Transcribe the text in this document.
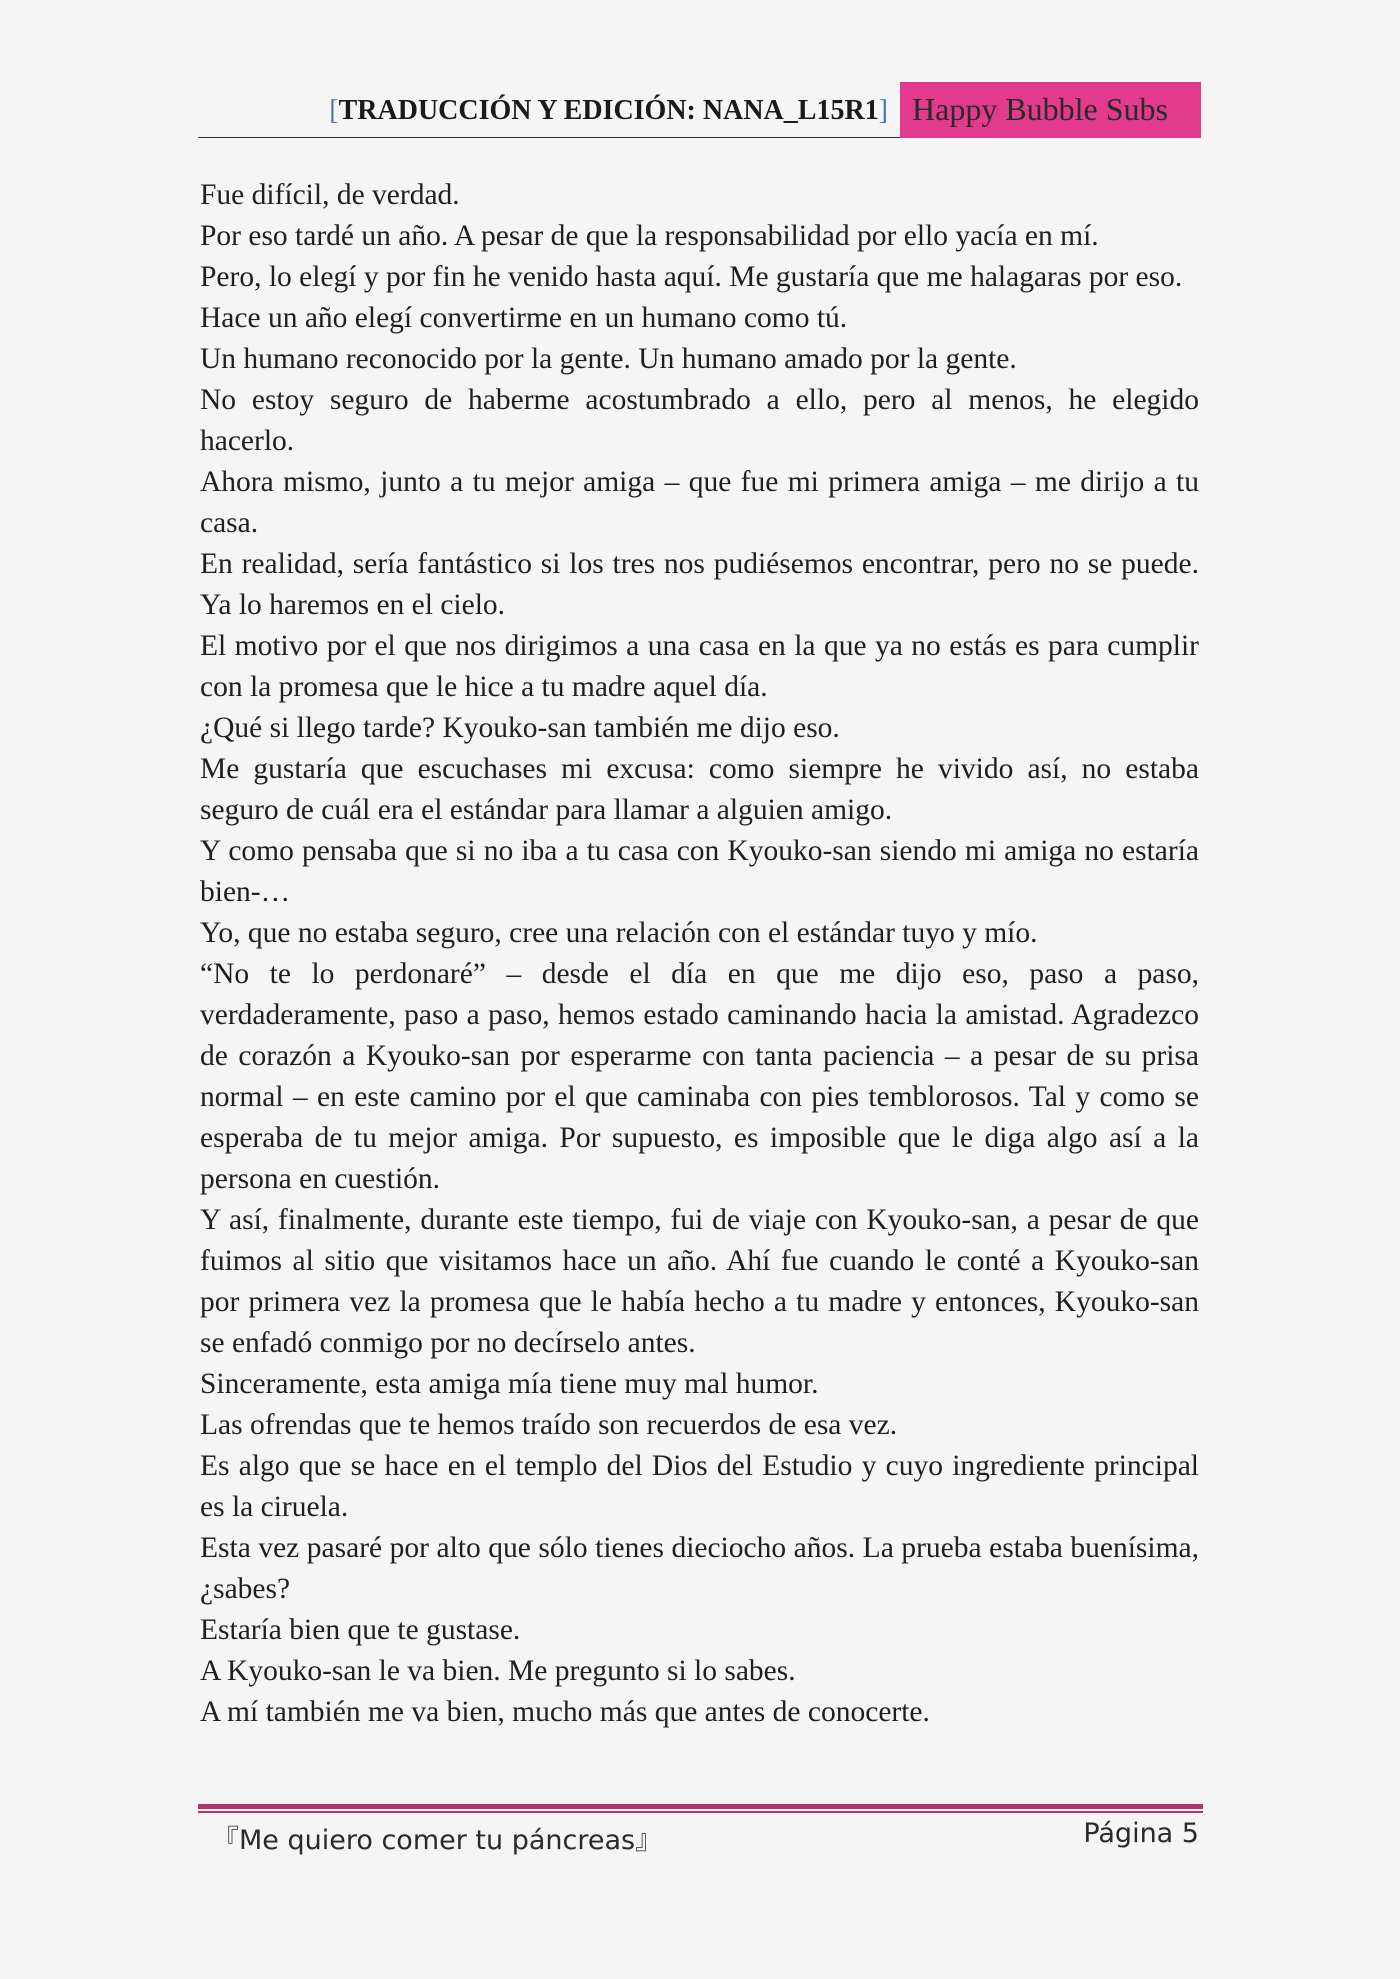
[TRADUCCIÓN Y EDICIÓN: NANA_L15R1] Happy Bubble Subs

Fue difícil, de verdad.

Por eso tardé un año. A pesar de que la responsabilidad por ello yacía en mí.

Pero, lo elegí y por fin he venido hasta aquí. Me gustaría que me halagaras por eso.

Hace un año elegí convertirme en un humano como tú.

Un humano reconocido por la gente. Un humano amado por la gente.

No estoy seguro de haberme acostumbrado a ello, pero al menos, he elegido hacerlo.

Ahora mismo, junto a tu mejor amiga – que fue mi primera amiga – me dirijo a tu casa.

En realidad, sería fantástico si los tres nos pudiésemos encontrar, pero no se puede. Ya lo haremos en el cielo.

El motivo por el que nos dirigimos a una casa en la que ya no estás es para cumplir con la promesa que le hice a tu madre aquel día.

¿Qué si llego tarde? Kyouko-san también me dijo eso.

Me gustaría que escuchases mi excusa: como siempre he vivido así, no estaba seguro de cuál era el estándar para llamar a alguien amigo.

Y como pensaba que si no iba a tu casa con Kyouko-san siendo mi amiga no estaría bien-…

Yo, que no estaba seguro, cree una relación con el estándar tuyo y mío.

“No te lo perdonaré” – desde el día en que me dijo eso, paso a paso, verdaderamente, paso a paso, hemos estado caminando hacia la amistad. Agradezco de corazón a Kyouko-san por esperarme con tanta paciencia – a pesar de su prisa normal – en este camino por el que caminaba con pies temblorosos. Tal y como se esperaba de tu mejor amiga. Por supuesto, es imposible que le diga algo así a la persona en cuestión.

Y así, finalmente, durante este tiempo, fui de viaje con Kyouko-san, a pesar de que fuimos al sitio que visitamos hace un año. Ahí fue cuando le conté a Kyouko-san por primera vez la promesa que le había hecho a tu madre y entonces, Kyouko-san se enfadó conmigo por no decírselo antes.

Sinceramente, esta amiga mía tiene muy mal humor.

Las ofrendas que te hemos traído son recuerdos de esa vez.

Es algo que se hace en el templo del Dios del Estudio y cuyo ingrediente principal es la ciruela.

Esta vez pasaré por alto que sólo tienes dieciocho años. La prueba estaba buenísima, ¿sabes?

Estaría bien que te gustase.

A Kyouko-san le va bien. Me pregunto si lo sabes.

A mí también me va bien, mucho más que antes de conocerte.

『Me quiero comer tu páncreas』	Página 5
